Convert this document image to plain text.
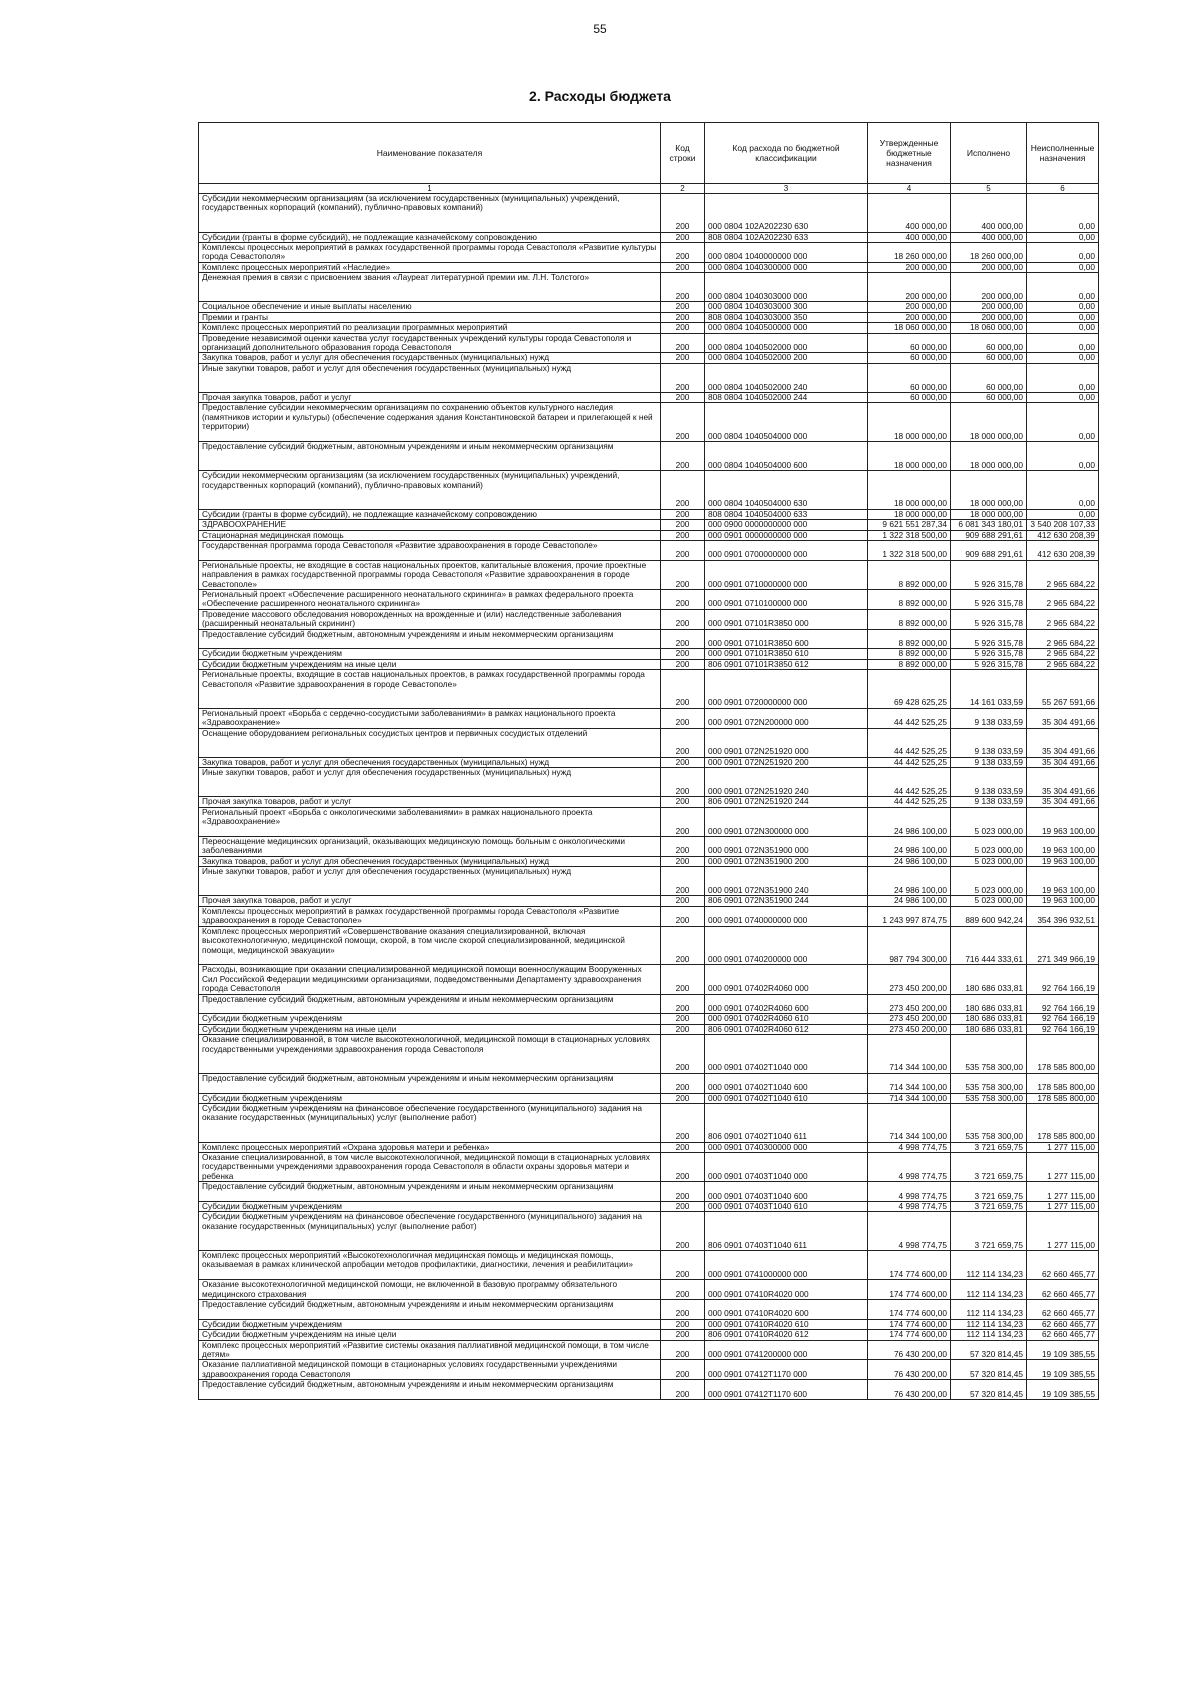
55
2. Расходы бюджета
Наименование показателя	Код строки	Код расхода по бюджетной классификации	Утвержденные бюджетные назначения	Исполнено	Неисполненные назначения
1	2	3	4	5	6
Субсидии некоммерческим организациям (за исключением государственных (муниципальных) учреждений, государственных корпораций (компаний), публично-правовых компаний)	200	000 0804 102А202230 630	400 000,00	400 000,00	0,00
Субсидии (гранты в форме субсидий), не подлежащие казначейскому сопровождению	200	808 0804 102А202230 633	400 000,00	400 000,00	0,00
Комплексы процессных мероприятий в рамках государственной программы города Севастополя «Развитие культуры города Севастополя»	200	000 0804 1040000000 000	18 260 000,00	18 260 000,00	0,00
Комплекс процессных мероприятий «Наследие»	200	000 0804 1040300000 000	200 000,00	200 000,00	0,00
Денежная премия в связи с присвоением звания «Лауреат литературной премии им. Л.Н. Толстого»	200	000 0804 1040303000 000	200 000,00	200 000,00	0,00
Социальное обеспечение и иные выплаты населению	200	000 0804 1040303000 300	200 000,00	200 000,00	0,00
Премии и гранты	200	808 0804 1040303000 350	200 000,00	200 000,00	0,00
Комплекс процессных мероприятий по реализации программных мероприятий	200	000 0804 1040500000 000	18 060 000,00	18 060 000,00	0,00
Проведение независимой оценки качества услуг государственных учреждений культуры города Севастополя и организаций дополнительного образования города Севастополя	200	000 0804 1040502000 000	60 000,00	60 000,00	0,00
Закупка товаров, работ и услуг для обеспечения государственных (муниципальных) нужд	200	000 0804 1040502000 200	60 000,00	60 000,00	0,00
Иные закупки товаров, работ и услуг для обеспечения государственных (муниципальных) нужд	200	000 0804 1040502000 240	60 000,00	60 000,00	0,00
Прочая закупка товаров, работ и услуг	200	808 0804 1040502000 244	60 000,00	60 000,00	0,00
Предоставление субсидии некоммерческим организациям по сохранению объектов культурного наследия (памятников истории и культуры) (обеспечение содержания здания Константиновской батареи и прилегающей к ней территории)	200	000 0804 1040504000 000	18 000 000,00	18 000 000,00	0,00
Предоставление субсидий бюджетным, автономным учреждениям и иным некоммерческим организациям	200	000 0804 1040504000 600	18 000 000,00	18 000 000,00	0,00
Субсидии некоммерческим организациям (за исключением государственных (муниципальных) учреждений, государственных корпораций (компаний), публично-правовых компаний)	200	000 0804 1040504000 630	18 000 000,00	18 000 000,00	0,00
Субсидии (гранты в форме субсидий), не подлежащие казначейскому сопровождению	200	808 0804 1040504000 633	18 000 000,00	18 000 000,00	0,00
ЗДРАВООХРАНЕНИЕ	200	000 0900 0000000000 000	9 621 551 287,34	6 081 343 180,01	3 540 208 107,33
Стационарная медицинская помощь	200	000 0901 0000000000 000	1 322 318 500,00	909 688 291,61	412 630 208,39
Государственная программа города Севастополя «Развитие здравоохранения в городе Севастополе»	200	000 0901 0700000000 000	1 322 318 500,00	909 688 291,61	412 630 208,39
Региональные проекты, не входящие в состав национальных проектов, капитальные вложения, прочие проектные направления в рамках государственной программы города Севастополя «Развитие здравоохранения в городе Севастополе»	200	000 0901 0710000000 000	8 892 000,00	5 926 315,78	2 965 684,22
Региональный проект «Обеспечение расширенного неонатального скрининга» в рамках федерального проекта «Обеспечение расширенного неонатального скрининга»	200	000 0901 0710100000 000	8 892 000,00	5 926 315,78	2 965 684,22
Проведение массового обследования новорожденных на врожденные и (или) наследственные заболевания (расширенный неонатальный скрининг)	200	000 0901 07101R3850 000	8 892 000,00	5 926 315,78	2 965 684,22
Предоставление субсидий бюджетным, автономным учреждениям и иным некоммерческим организациям	200	000 0901 07101R3850 600	8 892 000,00	5 926 315,78	2 965 684,22
Субсидии бюджетным учреждениям	200	000 0901 07101R3850 610	8 892 000,00	5 926 315,78	2 965 684,22
Субсидии бюджетным учреждениям на иные цели	200	806 0901 07101R3850 612	8 892 000,00	5 926 315,78	2 965 684,22
Региональные проекты, входящие в состав национальных проектов, в рамках государственной программы города Севастополя «Развитие здравоохранения в городе Севастополе»	200	000 0901 0720000000 000	69 428 625,25	14 161 033,59	55 267 591,66
Региональный проект «Борьба с сердечно-сосудистыми заболеваниями» в рамках национального проекта «Здравоохранение»	200	000 0901 072N200000 000	44 442 525,25	9 138 033,59	35 304 491,66
Оснащение оборудованием региональных сосудистых центров и первичных сосудистых отделений	200	000 0901 072N251920 000	44 442 525,25	9 138 033,59	35 304 491,66
Закупка товаров, работ и услуг для обеспечения государственных (муниципальных) нужд	200	000 0901 072N251920 200	44 442 525,25	9 138 033,59	35 304 491,66
Иные закупки товаров, работ и услуг для обеспечения государственных (муниципальных) нужд	200	000 0901 072N251920 240	44 442 525,25	9 138 033,59	35 304 491,66
Прочая закупка товаров, работ и услуг	200	806 0901 072N251920 244	44 442 525,25	9 138 033,59	35 304 491,66
Региональный проект «Борьба с онкологическими заболеваниями» в рамках национального проекта «Здравоохранение»	200	000 0901 072N300000 000	24 986 100,00	5 023 000,00	19 963 100,00
Переоснащение медицинских организаций, оказывающих медицинскую помощь больным с онкологическими заболеваниями	200	000 0901 072N351900 000	24 986 100,00	5 023 000,00	19 963 100,00
Закупка товаров, работ и услуг для обеспечения государственных (муниципальных) нужд	200	000 0901 072N351900 200	24 986 100,00	5 023 000,00	19 963 100,00
Иные закупки товаров, работ и услуг для обеспечения государственных (муниципальных) нужд	200	000 0901 072N351900 240	24 986 100,00	5 023 000,00	19 963 100,00
Прочая закупка товаров, работ и услуг	200	806 0901 072N351900 244	24 986 100,00	5 023 000,00	19 963 100,00
Комплексы процессных мероприятий в рамках государственной программы города Севастополя «Развитие здравоохранения в городе Севастополе»	200	000 0901 0740000000 000	1 243 997 874,75	889 600 942,24	354 396 932,51
Комплекс процессных мероприятий «Совершенствование оказания специализированной, включая высокотехнологичную, медицинской помощи, скорой, в том числе скорой специализированной, медицинской помощи, медицинской эвакуации»	200	000 0901 0740200000 000	987 794 300,00	716 444 333,61	271 349 966,19
Расходы, возникающие при оказании специализированной медицинской помощи военнослужащим Вооруженных Сил Российской Федерации медицинскими организациями, подведомственными Департаменту здравоохранения города Севастополя	200	000 0901 07402R4060 000	273 450 200,00	180 686 033,81	92 764 166,19
Предоставление субсидий бюджетным, автономным учреждениям и иным некоммерческим организациям	200	000 0901 07402R4060 600	273 450 200,00	180 686 033,81	92 764 166,19
Субсидии бюджетным учреждениям	200	000 0901 07402R4060 610	273 450 200,00	180 686 033,81	92 764 166,19
Субсидии бюджетным учреждениям на иные цели	200	806 0901 07402R4060 612	273 450 200,00	180 686 033,81	92 764 166,19
Оказание специализированной, в том числе высокотехнологичной, медицинской помощи в стационарных условиях государственными учреждениями здравоохранения города Севастополя	200	000 0901 07402T1040 000	714 344 100,00	535 758 300,00	178 585 800,00
Предоставление субсидий бюджетным, автономным учреждениям и иным некоммерческим организациям	200	000 0901 07402T1040 600	714 344 100,00	535 758 300,00	178 585 800,00
Субсидии бюджетным учреждениям	200	000 0901 07402T1040 610	714 344 100,00	535 758 300,00	178 585 800,00
Субсидии бюджетным учреждениям на финансовое обеспечение государственного (муниципального) задания на оказание государственных (муниципальных) услуг (выполнение работ)	200	806 0901 07402T1040 611	714 344 100,00	535 758 300,00	178 585 800,00
Комплекс процессных мероприятий «Охрана здоровья матери и ребенка»	200	000 0901 0740300000 000	4 998 774,75	3 721 659,75	1 277 115,00
Оказание специализированной, в том числе высокотехнологичной, медицинской помощи в стационарных условиях государственными учреждениями здравоохранения города Севастополя в области охраны здоровья матери и ребенка	200	000 0901 07403T1040 000	4 998 774,75	3 721 659,75	1 277 115,00
Предоставление субсидий бюджетным, автономным учреждениям и иным некоммерческим организациям	200	000 0901 07403T1040 600	4 998 774,75	3 721 659,75	1 277 115,00
Субсидии бюджетным учреждениям	200	000 0901 07403T1040 610	4 998 774,75	3 721 659,75	1 277 115,00
Субсидии бюджетным учреждениям на финансовое обеспечение государственного (муниципального) задания на оказание государственных (муниципальных) услуг (выполнение работ)	200	806 0901 07403T1040 611	4 998 774,75	3 721 659,75	1 277 115,00
Комплекс процессных мероприятий «Высокотехнологичная медицинская помощь и медицинская помощь, оказываемая в рамках клинической апробации методов профилактики, диагностики, лечения и реабилитации»	200	000 0901 0741000000 000	174 774 600,00	112 114 134,23	62 660 465,77
Оказание высокотехнологичной медицинской помощи, не включенной в базовую программу обязательного медицинского страхования	200	000 0901 07410R4020 000	174 774 600,00	112 114 134,23	62 660 465,77
Предоставление субсидий бюджетным, автономным учреждениям и иным некоммерческим организациям	200	000 0901 07410R4020 600	174 774 600,00	112 114 134,23	62 660 465,77
Субсидии бюджетным учреждениям	200	000 0901 07410R4020 610	174 774 600,00	112 114 134,23	62 660 465,77
Субсидии бюджетным учреждениям на иные цели	200	806 0901 07410R4020 612	174 774 600,00	112 114 134,23	62 660 465,77
Комплекс процессных мероприятий «Развитие системы оказания паллиативной медицинской помощи, в том числе детям»	200	000 0901 0741200000 000	76 430 200,00	57 320 814,45	19 109 385,55
Оказание паллиативной медицинской помощи в стационарных условиях государственными учреждениями здравоохранения города Севастополя	200	000 0901 07412T1170 000	76 430 200,00	57 320 814,45	19 109 385,55
Предоставление субсидий бюджетным, автономным учреждениям и иным некоммерческим организациям	200	000 0901 07412T1170 600	76 430 200,00	57 320 814,45	19 109 385,55
